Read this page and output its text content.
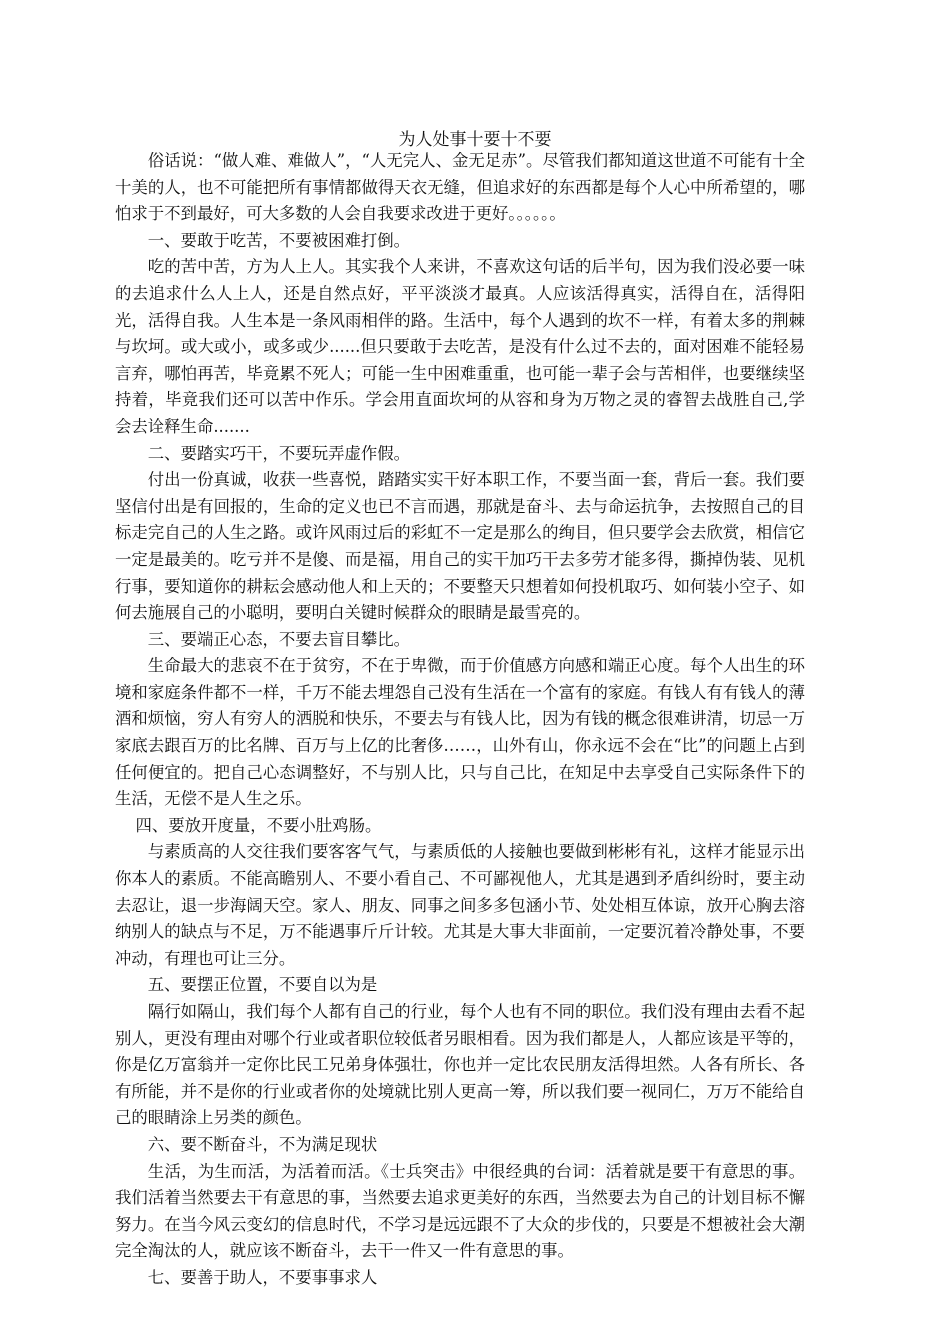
为人处事十要十不要

俗话说：“做人难、难做人”，“人无完人、金无足赤”。尽管我们都知道这世道不可能有十全十美的人，也不可能把所有事情都做得天衣无缝，但追求好的东西都是每个人心中所希望的，哪怕求于不到最好，可大多数的人会自我要求改进于更好。。。。。。

一、要敢于吃苦，不要被困难打倒。

吃的苦中苦，方为人上人。其实我个人来讲，不喜欢这句话的后半句，因为我们没必要一味的去追求什么人上人，还是自然点好，平平淡淡才最真。人应该活得真实，活得自在，活得阳光，活得自我。人生本是一条风雨相伴的路。生活中，每个人遇到的坎不一样，有着太多的荆棘与坎坷。或大或小，或多或少......但只要敢于去吃苦，是没有什么过不去的，面对困难不能轻易言弃，哪怕再苦，毕竟累不死人；可能一生中困难重重，也可能一辈子会与苦相伴，也要继续坚持着，毕竟我们还可以苦中作乐。学会用直面坎坷的从容和身为万物之灵的睿智去战胜自己,学会去诠释生命.......

二、要踏实巧干，不要玩弄虚作假。

付出一份真诚，收获一些喜悦，踏踏实实干好本职工作，不要当面一套，背后一套。我们要坚信付出是有回报的，生命的定义也已不言而遇，那就是奋斗、去与命运抗争，去按照自己的目标走完自己的人生之路。或许风雨过后的彩虹不一定是那么的绚目，但只要学会去欣赏，相信它一定是最美的。吃亏并不是傻、而是福，用自己的实干加巧干去多劳才能多得，撕掉伪装、见机行事，要知道你的耕耘会感动他人和上天的；不要整天只想着如何投机取巧、如何装小空子、如何去施展自己的小聪明，要明白关键时候群众的眼睛是最雪亮的。

三、要端正心态，不要去盲目攀比。

生命最大的悲哀不在于贫穷，不在于卑微，而于价值感方向感和端正心度。每个人出生的环境和家庭条件都不一样，千万不能去埋怨自己没有生活在一个富有的家庭。有钱人有有钱人的薄酒和烦恼，穷人有穷人的洒脱和快乐，不要去与有钱人比，因为有钱的概念很难讲清，切忌一万家底去跟百万的比名牌、百万与上亿的比奢侈……，山外有山，你永远不会在“比”的问题上占到任何便宜的。把自己心态调整好，不与别人比，只与自己比，在知足中去享受自己实际条件下的生活，无偿不是人生之乐。

四、要放开度量，不要小肚鸡肠。

与素质高的人交往我们要客客气气，与素质低的人接触也要做到彬彬有礼，这样才能显示出你本人的素质。不能高瞻别人、不要小看自己、不可鄙视他人，尤其是遇到矛盾纠纷时，要主动去忍让，退一步海阔天空。家人、朋友、同事之间多多包涵小节、处处相互体谅，放开心胸去溶纳别人的缺点与不足，万不能遇事斤斤计较。尤其是大事大非面前，一定要沉着冷静处事，不要冲动，有理也可让三分。

五、要摆正位置，不要自以为是

隔行如隔山，我们每个人都有自己的行业，每个人也有不同的职位。我们没有理由去看不起别人，更没有理由对哪个行业或者职位较低者另眼相看。因为我们都是人，人都应该是平等的，你是亿万富翁并一定你比民工兄弟身体强壮，你也并一定比农民朋友活得坦然。人各有所长、各有所能，并不是你的行业或者你的处境就比别人更高一筹，所以我们要一视同仁，万万不能给自己的眼睛涂上另类的颜色。

六、要不断奋斗，不为满足现状

生活，为生而活，为活着而活。《士兵突击》中很经典的台词：活着就是要干有意思的事。我们活着当然要去干有意思的事，当然要去追求更美好的东西，当然要去为自己的计划目标不懈努力。在当今风云变幻的信息时代，不学习是远远跟不了大众的步伐的，只要是不想被社会大潮完全淘汰的人，就应该不断奋斗，去干一件又一件有意思的事。

七、要善于助人，不要事事求人
